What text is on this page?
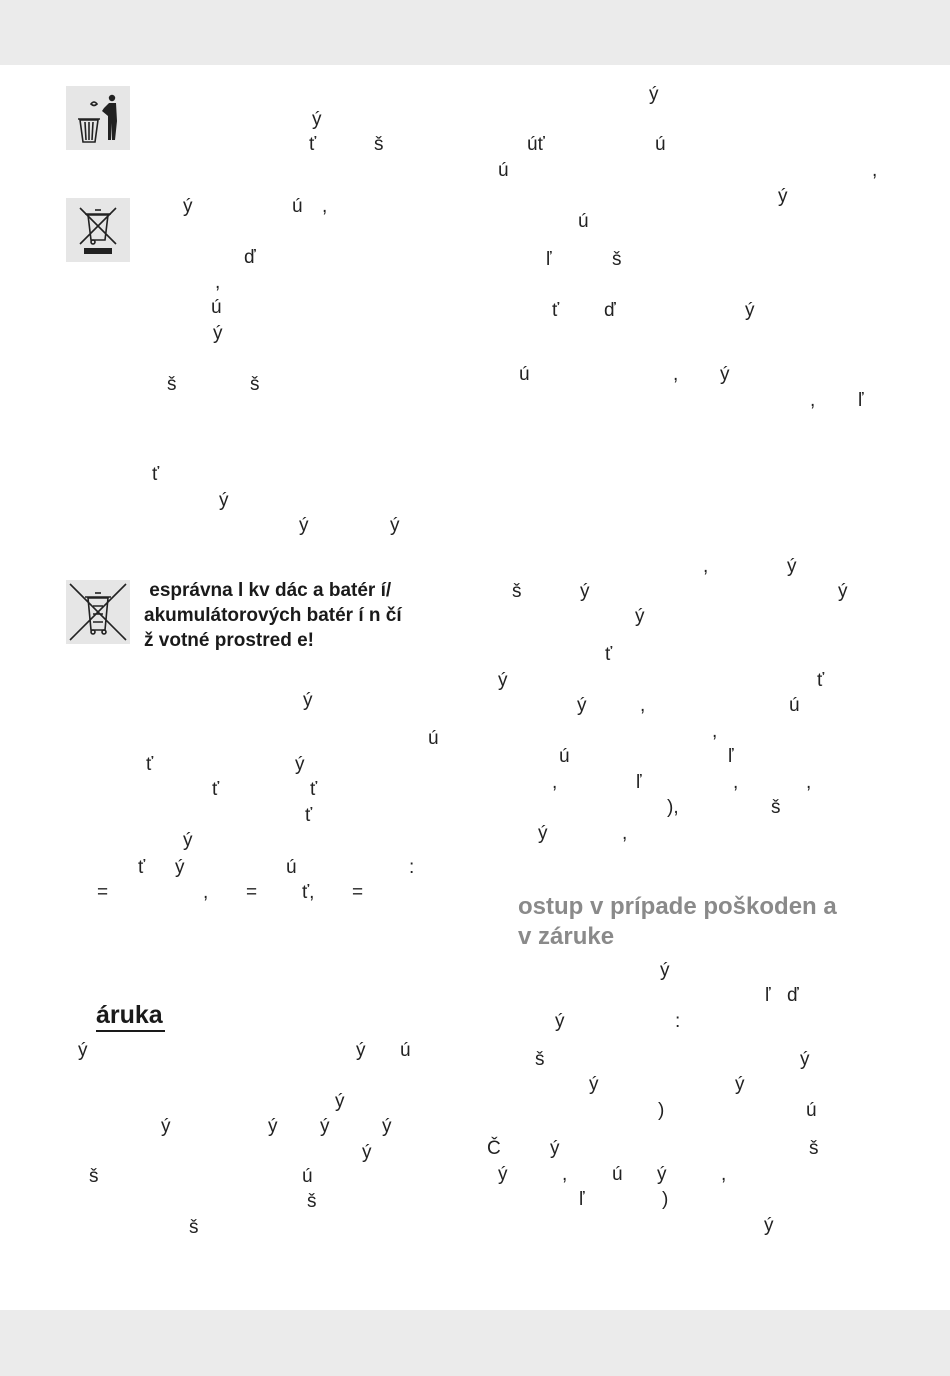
ý
ť	š
ý	ú ,
ď
,
ú
ý
š	š
ť
ý
ý	ý
ý
ú
ť	ý
ť	ť
ť
ý
ť ý	ú	:
=	, = ť, =
ý	ý ú
ý
ý	ý ý	ý
ý
š	ú
š
š
ý
úť	ú
ú	,
ý
ú
ľ	š
ť ď	ý
ú	, ý
, ľ
,	ý
š	ý	ý
ý
ť
ý	ť
ý	,	ú
,
ú	ľ
,	ľ	,	,
),	š
ý	,
ý
ľ ď
ý	:
š	ý
ý	ý
)	ú
Č	ý	š
ý	, ú ý	,
ľ	)
ý
esprávna l kv dác a batér í/
akumulátorových batér í n čí
ž votné prostred e!
áruka
ostup v prípade poškoden a
v záruke
